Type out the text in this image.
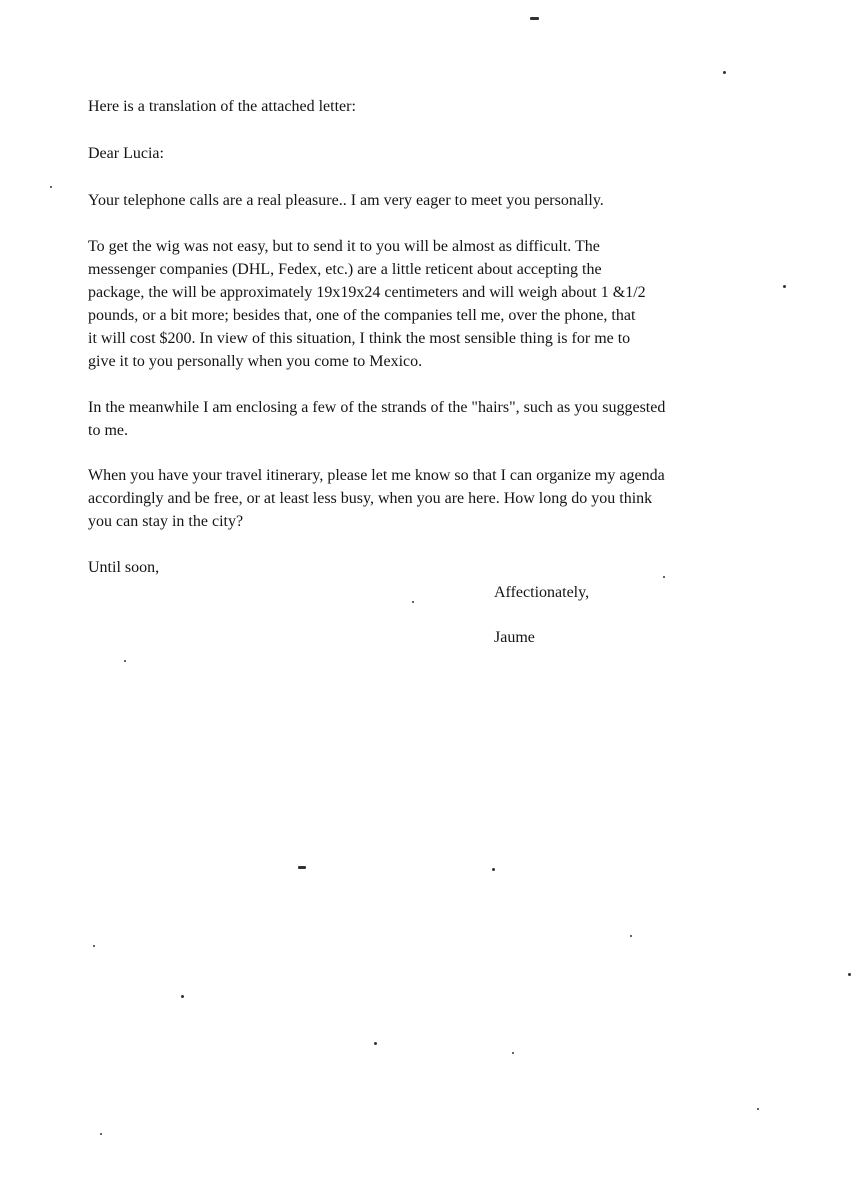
Here is a translation of the attached letter:

Dear Lucia:

Your telephone calls are a real pleasure.. I am very eager to meet you personally.

To get the wig was not easy, but to send it to you will be almost as difficult. The
messenger companies (DHL, Fedex, etc.) are a little reticent about accepting the
package, the will be approximately 19x19x24 centimeters and will weigh about 1 &1/2
pounds, or a bit more; besides that, one of the companies tell me, over the phone, that
it will cost $200. In view of this situation, I think the most sensible thing is for me to
give it to you personally when you come to Mexico.
In the meanwhile I am enclosing a few of the strands of the "hairs", such as you suggested
to me.
When you have your travel itinerary, please let me know so that I can organize my agenda
accordingly and be free, or at least less busy, when you are here. How long do you think
you can stay in the city?

Until soon,

Affectionately,

Jaume
